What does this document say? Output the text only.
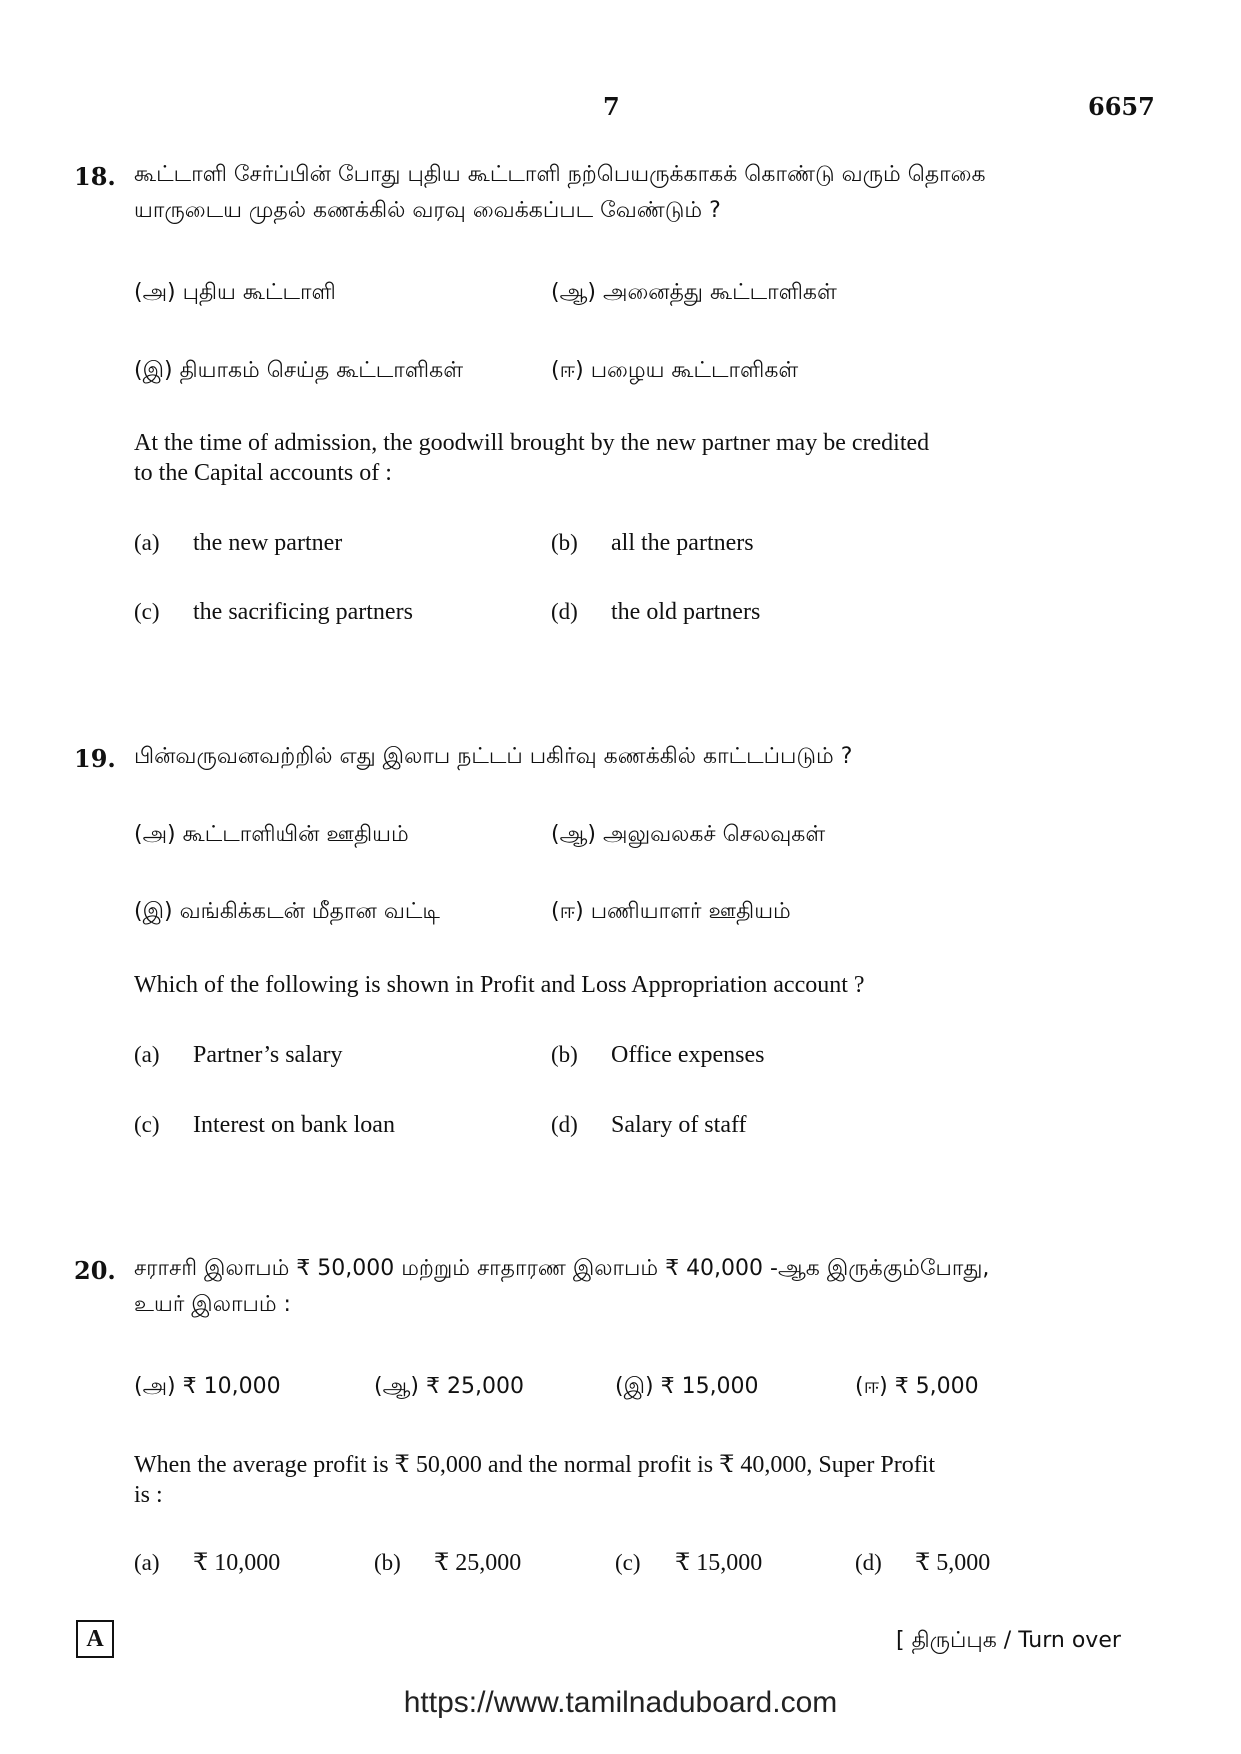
7	6657
18. கூட்டாளி சேர்ப்பின் போது புதிய கூட்டாளி நற்பெயருக்காகக் கொண்டு வரும் தொகை
யாருடைய முதல் கணக்கில் வரவு வைக்கப்பட வேண்டும் ?
(அ) புதிய கூட்டாளி	(ஆ) அனைத்து கூட்டாளிகள்
(இ) தியாகம் செய்த கூட்டாளிகள்	(ஈ) பழைய கூட்டாளிகள்
At the time of admission, the goodwill brought by the new partner may be credited
to the Capital accounts of :
(a) the new partner	(b) all the partners
(c) the sacrificing partners	(d) the old partners
19. பின்வருவனவற்றில் எது இலாப நட்டப் பகிர்வு கணக்கில் காட்டப்படும் ?
(அ) கூட்டாளியின் ஊதியம்	(ஆ) அலுவலகச் செலவுகள்
(இ) வங்கிக்கடன் மீதான வட்டி	(ஈ) பணியாளர் ஊதியம்
Which of the following is shown in Profit and Loss Appropriation account ?
(a) Partner’s salary	(b) Office expenses
(c) Interest on bank loan	(d) Salary of staff
20. சராசரி இலாபம் ₹ 50,000 மற்றும் சாதாரண இலாபம் ₹ 40,000 -ஆக இருக்கும்போது,
உயர் இலாபம் :
(அ) ₹ 10,000	(ஆ) ₹ 25,000	(இ) ₹ 15,000	(ஈ) ₹ 5,000
When the average profit is ₹ 50,000 and the normal profit is ₹ 40,000, Super Profit
is :
(a) ₹ 10,000	(b) ₹ 25,000	(c) ₹ 15,000	(d) ₹ 5,000
A	[ திருப்புக / Turn over
https://www.tamilnaduboard.com
